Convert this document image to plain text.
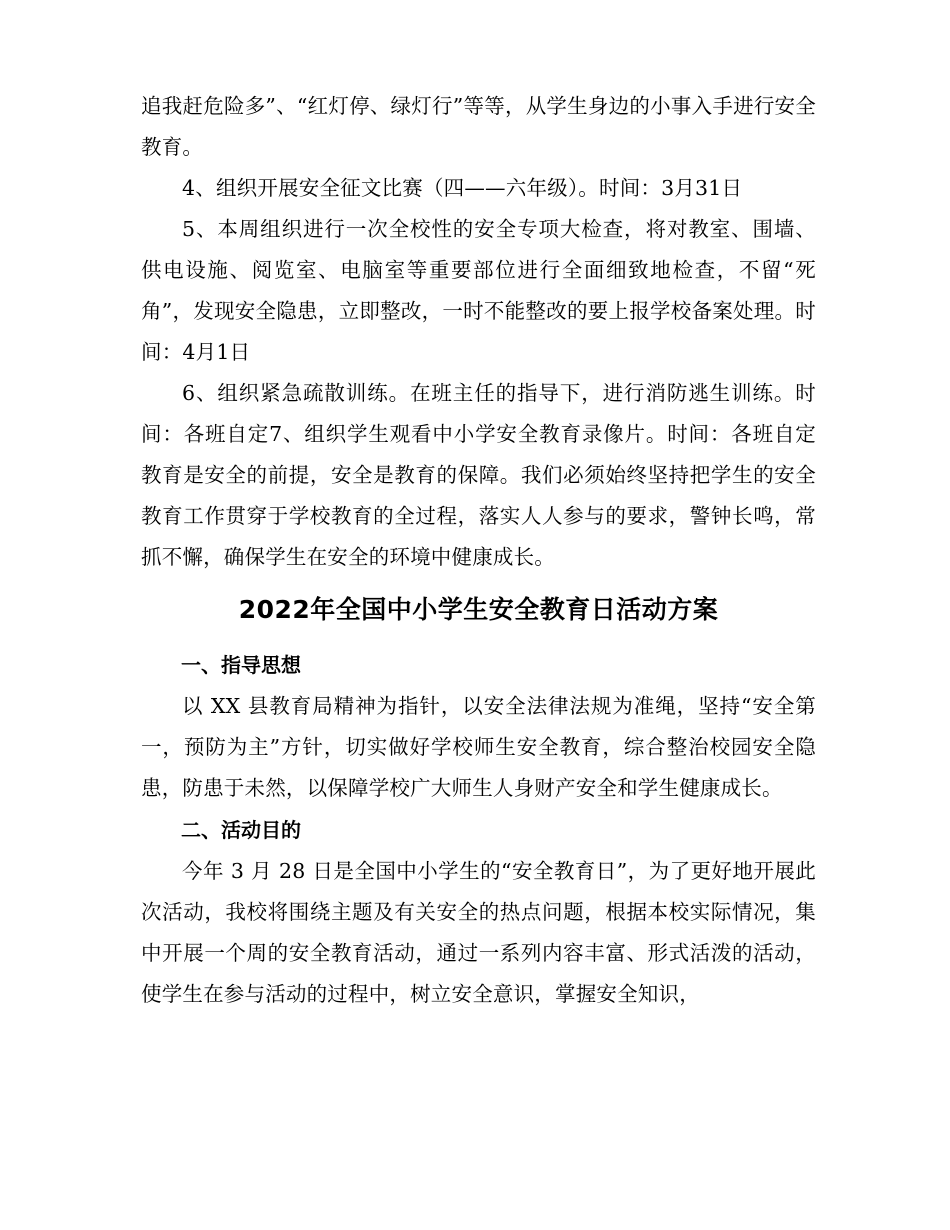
追我赶危险多”、“红灯停、绿灯行”等等，从学生身边的小事入手进行安全教育。

4、组织开展安全征文比赛（四——六年级）。时间：3月31日

5、本周组织进行一次全校性的安全专项大检查，将对教室、围墙、供电设施、阅览室、电脑室等重要部位进行全面细致地检查，不留“死角”，发现安全隐患，立即整改，一时不能整改的要上报学校备案处理。时间：4月1日

6、组织紧急疏散训练。在班主任的指导下，进行消防逃生训练。时间：各班自定7、组织学生观看中小学安全教育录像片。时间：各班自定教育是安全的前提，安全是教育的保障。我们必须始终坚持把学生的安全教育工作贯穿于学校教育的全过程，落实人人参与的要求，警钟长鸣，常抓不懈，确保学生在安全的环境中健康成长。

2022年全国中小学生安全教育日活动方案
一、指导思想

以 XX 县教育局精神为指针，以安全法律法规为准绳，坚持“安全第一，预防为主”方针，切实做好学校师生安全教育，综合整治校园安全隐患，防患于未然，以保障学校广大师生人身财产安全和学生健康成长。

二、活动目的

今年 3 月 28 日是全国中小学生的“安全教育日”，为了更好地开展此次活动，我校将围绕主题及有关安全的热点问题，根据本校实际情况，集中开展一个周的安全教育活动，通过一系列内容丰富、形式活泼的活动，使学生在参与活动的过程中，树立安全意识，掌握安全知识，
